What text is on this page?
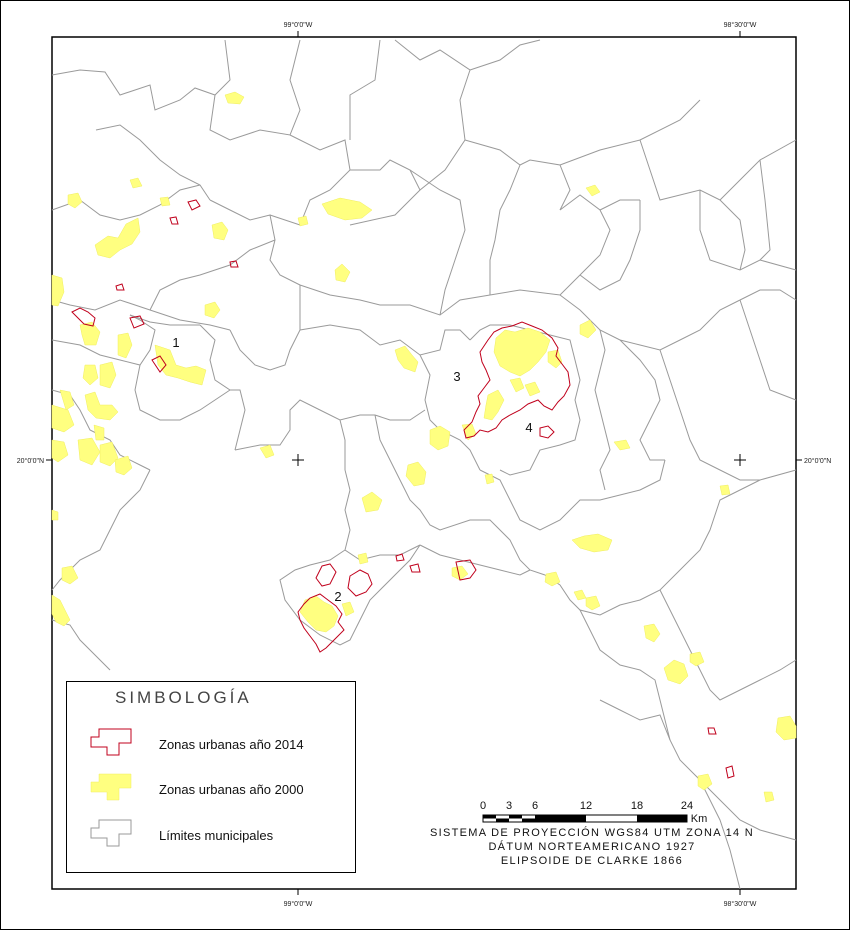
99°0'0"W	98°30'0"W
99°0'0"W	98°30'0"W
20°0'0"N	20°0'0"N
1
2
3
4
0 3 6	12	18	24
Km
SIMBOLOGÍA
Zonas urbanas año 2014
Zonas urbanas año 2000
Límites municipales	SISTEMA DE PROYECCIÓN WGS84 UTM ZONA 14 N
DÁTUM NORTEAMERICANO 1927
ELIPSOIDE DE CLARKE 1866
